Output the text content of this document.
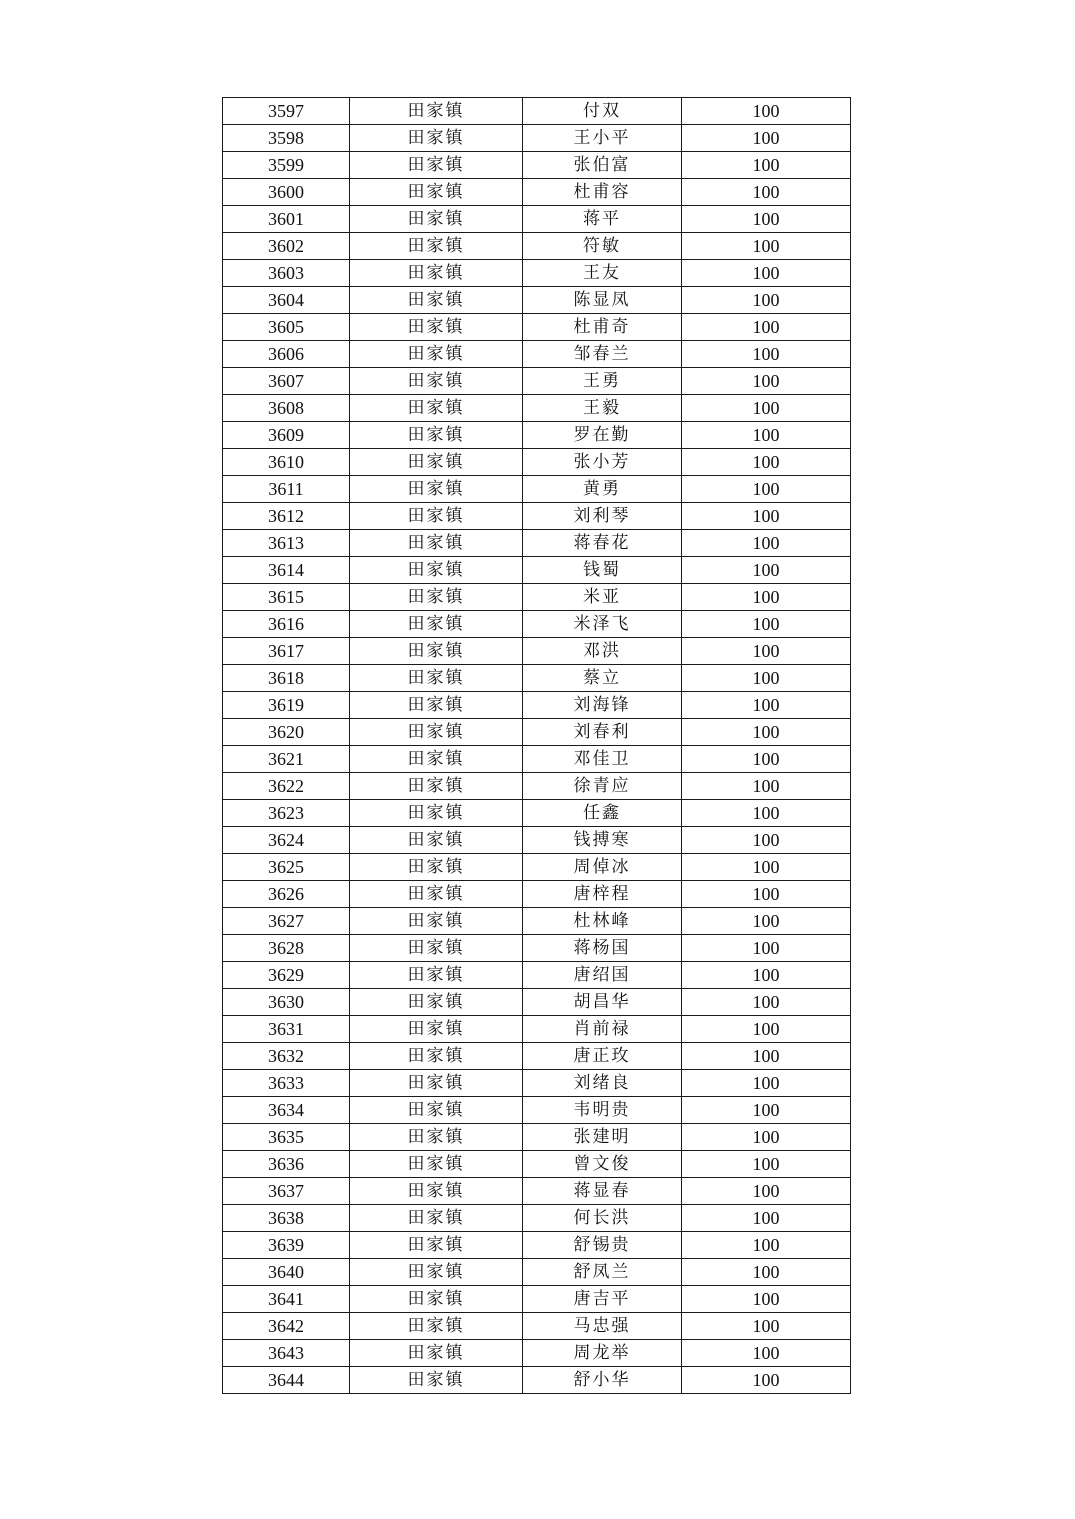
3597	田家镇	付双	100
3598	田家镇	王小平	100
3599	田家镇	张伯富	100
3600	田家镇	杜甫容	100
3601	田家镇	蒋平	100
3602	田家镇	符敏	100
3603	田家镇	王友	100
3604	田家镇	陈显凤	100
3605	田家镇	杜甫奇	100
3606	田家镇	邹春兰	100
3607	田家镇	王勇	100
3608	田家镇	王毅	100
3609	田家镇	罗在勤	100
3610	田家镇	张小芳	100
3611	田家镇	黄勇	100
3612	田家镇	刘利琴	100
3613	田家镇	蒋春花	100
3614	田家镇	钱蜀	100
3615	田家镇	米亚	100
3616	田家镇	米泽飞	100
3617	田家镇	邓洪	100
3618	田家镇	蔡立	100
3619	田家镇	刘海锋	100
3620	田家镇	刘春利	100
3621	田家镇	邓佳卫	100
3622	田家镇	徐青应	100
3623	田家镇	任鑫	100
3624	田家镇	钱搏寒	100
3625	田家镇	周倬冰	100
3626	田家镇	唐梓程	100
3627	田家镇	杜林峰	100
3628	田家镇	蒋杨国	100
3629	田家镇	唐绍国	100
3630	田家镇	胡昌华	100
3631	田家镇	肖前禄	100
3632	田家镇	唐正玫	100
3633	田家镇	刘绪良	100
3634	田家镇	韦明贵	100
3635	田家镇	张建明	100
3636	田家镇	曾文俊	100
3637	田家镇	蒋显春	100
3638	田家镇	何长洪	100
3639	田家镇	舒锡贵	100
3640	田家镇	舒凤兰	100
3641	田家镇	唐吉平	100
3642	田家镇	马忠强	100
3643	田家镇	周龙举	100
3644	田家镇	舒小华	100
